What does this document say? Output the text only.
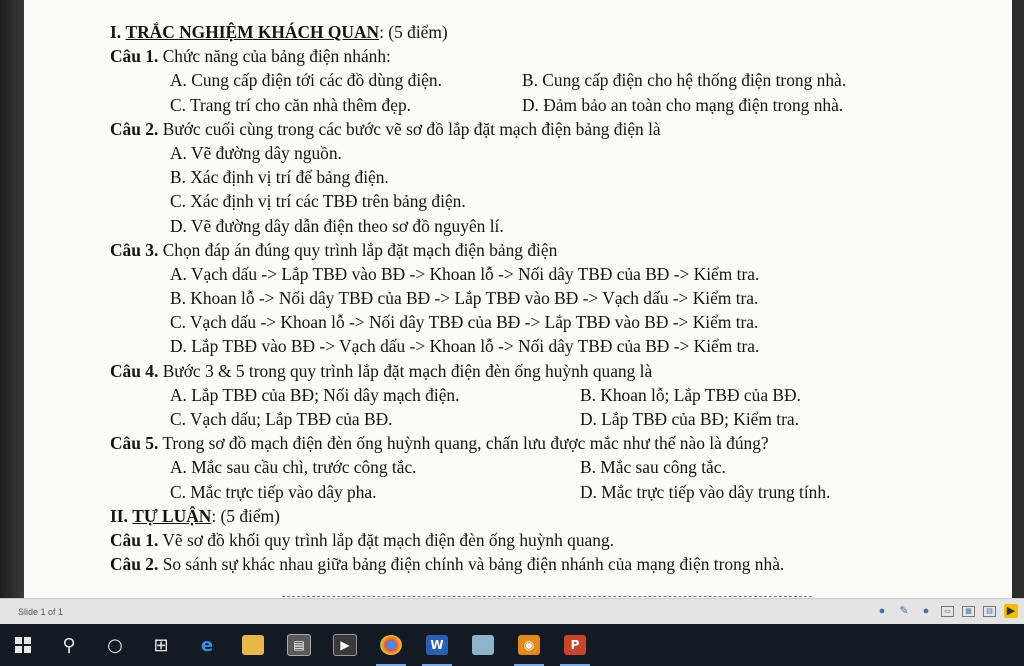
I. TRẮC NGHIỆM KHÁCH QUAN: (5 điểm)
Câu 1. Chức năng của bảng điện nhánh:
A. Cung cấp điện tới các đồ dùng điện.	B. Cung cấp điện cho hệ thống điện trong nhà.
C. Trang trí cho căn nhà thêm đẹp.	D. Đảm bảo an toàn cho mạng điện trong nhà.
Câu 2. Bước cuối cùng trong các bước vẽ sơ đồ lắp đặt mạch điện bảng điện là
A. Vẽ đường dây nguồn.
B. Xác định vị trí để bảng điện.
C. Xác định vị trí các TBĐ trên bảng điện.
D. Vẽ đường dây dẫn điện theo sơ đồ nguyên lí.
Câu 3. Chọn đáp án đúng quy trình lắp đặt mạch điện bảng điện
A. Vạch dấu -> Lắp TBĐ vào BĐ -> Khoan lỗ -> Nối dây TBĐ của BĐ -> Kiểm tra.
B. Khoan lỗ -> Nối dây TBĐ của BĐ -> Lắp TBĐ vào BĐ -> Vạch dấu -> Kiểm tra.
C. Vạch dấu -> Khoan lỗ -> Nối dây TBĐ của BĐ -> Lắp TBĐ vào BĐ -> Kiểm tra.
D. Lắp TBĐ vào BĐ -> Vạch dấu -> Khoan lỗ -> Nối dây TBĐ của BĐ -> Kiểm tra.
Câu 4. Bước 3 & 5 trong quy trình lắp đặt mạch điện đèn ống huỳnh quang là
A. Lắp TBĐ của BĐ; Nối dây mạch điện.	B. Khoan lỗ; Lắp TBĐ của BĐ.
C. Vạch dấu; Lắp TBĐ của BĐ.	D. Lắp TBĐ của BĐ; Kiểm tra.
Câu 5. Trong sơ đồ mạch điện đèn ống huỳnh quang, chấn lưu được mắc như thế nào là đúng?
A. Mắc sau cầu chì, trước công tắc.	B. Mắc sau công tắc.
C. Mắc trực tiếp vào dây pha.	D. Mắc trực tiếp vào dây trung tính.
II. TỰ LUẬN: (5 điểm)
Câu 1. Vẽ sơ đồ khối quy trình lắp đặt mạch điện đèn ống huỳnh quang.
Câu 2. So sánh sự khác nhau giữa bảng điện chính và bảng điện nhánh của mạng điện trong nhà.
Slide 1 of 1	●	✎	●	▭	▦	▤ ▶
⚲	○	⊞	e	▤	▶	W	◉	P
